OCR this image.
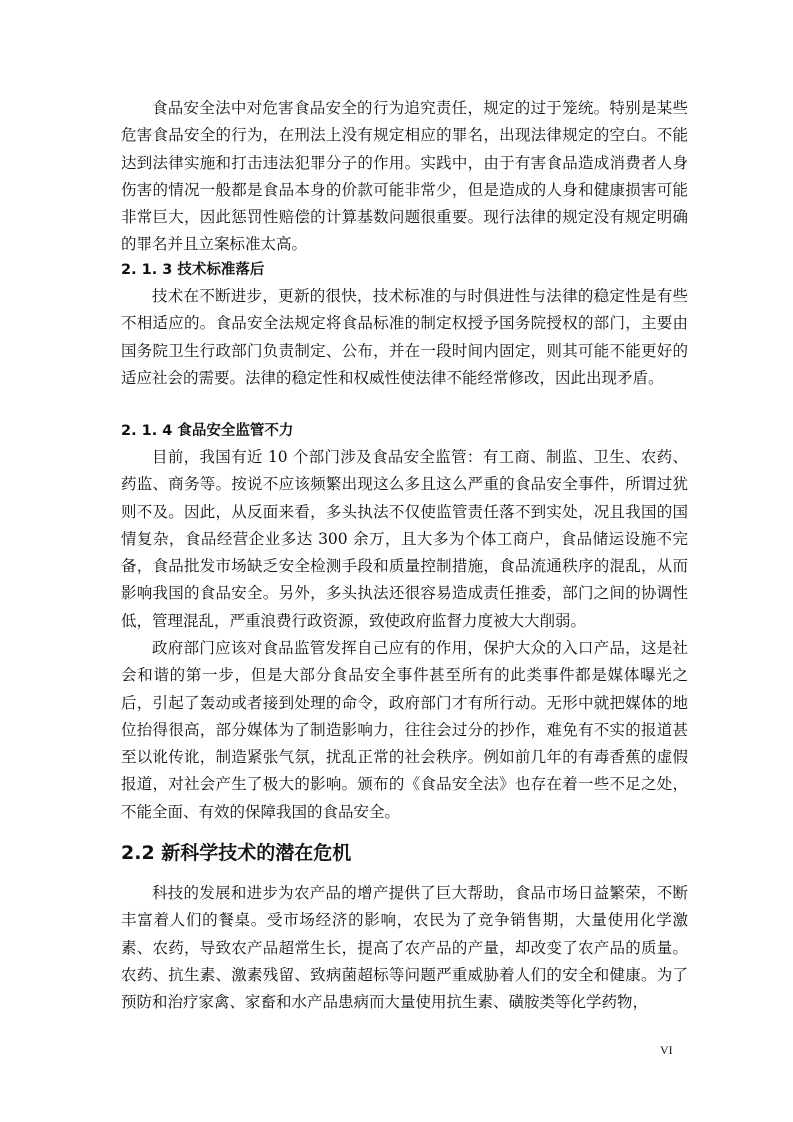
食品安全法中对危害食品安全的行为追究责任，规定的过于笼统。特别是某些危害食品安全的行为，在刑法上没有规定相应的罪名，出现法律规定的空白。不能达到法律实施和打击违法犯罪分子的作用。实践中，由于有害食品造成消费者人身伤害的情况一般都是食品本身的价款可能非常少，但是造成的人身和健康损害可能非常巨大，因此惩罚性赔偿的计算基数问题很重要。现行法律的规定没有规定明确的罪名并且立案标准太高。

2. 1. 3 技术标准落后

技术在不断进步，更新的很快，技术标准的与时俱进性与法律的稳定性是有些不相适应的。食品安全法规定将食品标准的制定权授予国务院授权的部门，主要由国务院卫生行政部门负责制定、公布，并在一段时间内固定，则其可能不能更好的适应社会的需要。法律的稳定性和权威性使法律不能经常修改，因此出现矛盾。

2. 1. 4 食品安全监管不力

目前，我国有近 10 个部门涉及食品安全监管：有工商、制监、卫生、农药、药监、商务等。按说不应该频繁出现这么多且这么严重的食品安全事件，所谓过犹则不及。因此，从反面来看，多头执法不仅使监管责任落不到实处，况且我国的国情复杂，食品经营企业多达 300 余万，且大多为个体工商户，食品储运设施不完备，食品批发市场缺乏安全检测手段和质量控制措施，食品流通秩序的混乱，从而影响我国的食品安全。另外，多头执法还很容易造成责任推委，部门之间的协调性低，管理混乱，严重浪费行政资源，致使政府监督力度被大大削弱。

政府部门应该对食品监管发挥自己应有的作用，保护大众的入口产品，这是社会和谐的第一步，但是大部分食品安全事件甚至所有的此类事件都是媒体曝光之后，引起了轰动或者接到处理的命令，政府部门才有所行动。无形中就把媒体的地位抬得很高，部分媒体为了制造影响力，往往会过分的抄作，难免有不实的报道甚至以讹传讹，制造紧张气氛，扰乱正常的社会秩序。例如前几年的有毒香蕉的虚假报道，对社会产生了极大的影响。颁布的《食品安全法》也存在着一些不足之处，不能全面、有效的保障我国的食品安全。

2.2 新科学技术的潜在危机

科技的发展和进步为农产品的增产提供了巨大帮助，食品市场日益繁荣，不断丰富着人们的餐桌。受市场经济的影响，农民为了竞争销售期，大量使用化学激素、农药，导致农产品超常生长，提高了农产品的产量，却改变了农产品的质量。农药、抗生素、激素残留、致病菌超标等问题严重威胁着人们的安全和健康。为了预防和治疗家禽、家畜和水产品患病而大量使用抗生素、磺胺类等化学药物，

VI
